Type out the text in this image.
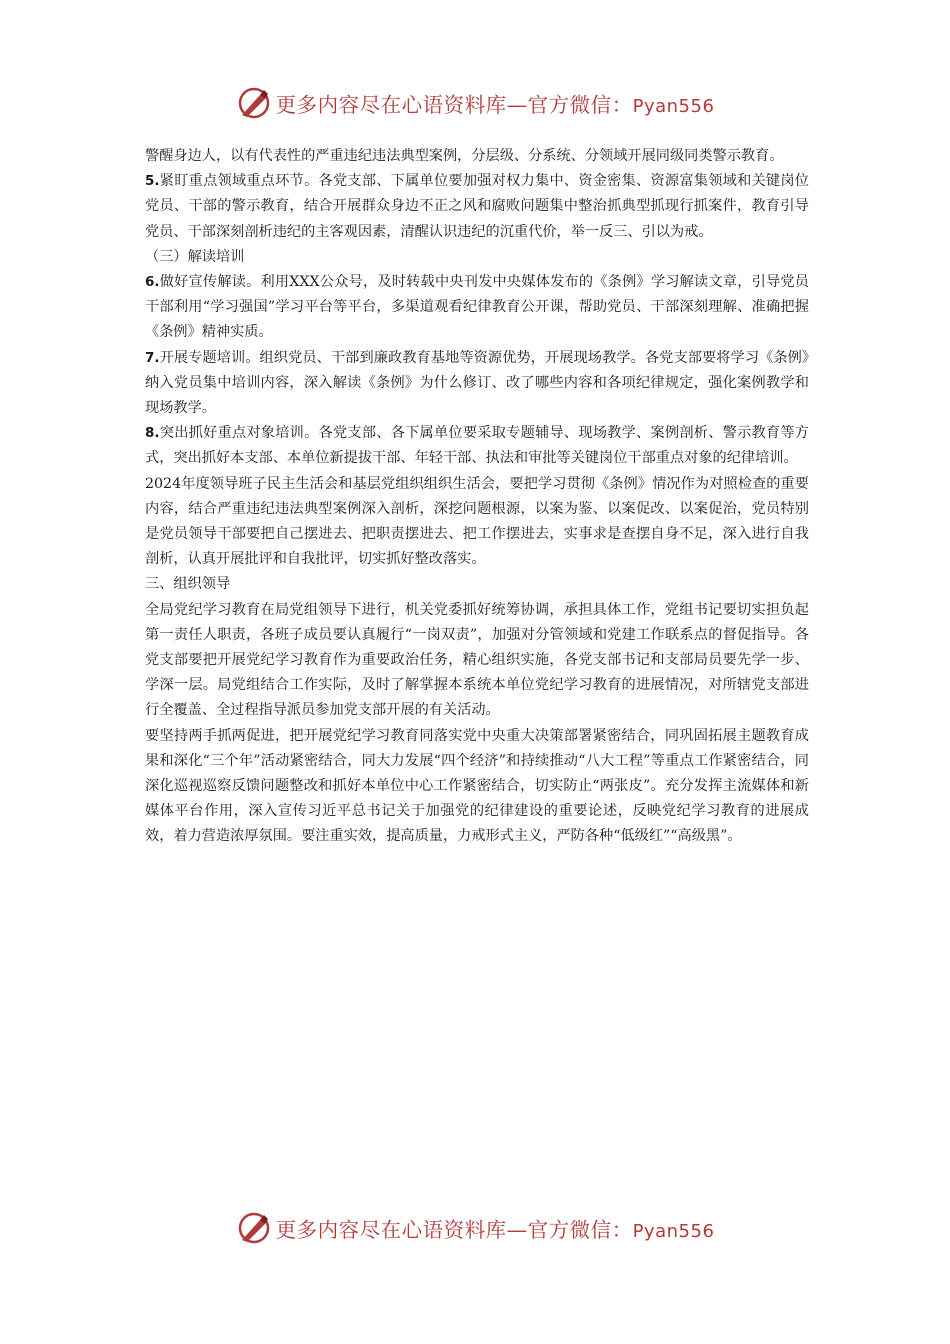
更多内容尽在心语资料库—官方微信：Pyan556

警醒身边人，以有代表性的严重违纪违法典型案例，分层级、分系统、分领域开展同级同类警示教育。

5.紧盯重点领域重点环节。各党支部、下属单位要加强对权力集中、资金密集、资源富集领域和关键岗位党员、干部的警示教育，结合开展群众身边不正之风和腐败问题集中整治抓典型抓现行抓案件，教育引导党员、干部深刻剖析违纪的主客观因素，清醒认识违纪的沉重代价，举一反三、引以为戒。

（三）解读培训

6.做好宣传解读。利用XXX公众号，及时转载中央刊发中央媒体发布的《条例》学习解读文章，引导党员干部利用“学习强国”学习平台等平台，多渠道观看纪律教育公开课，帮助党员、干部深刻理解、准确把握《条例》精神实质。

7.开展专题培训。组织党员、干部到廉政教育基地等资源优势，开展现场教学。各党支部要将学习《条例》纳入党员集中培训内容，深入解读《条例》为什么修订、改了哪些内容和各项纪律规定，强化案例教学和现场教学。

8.突出抓好重点对象培训。各党支部、各下属单位要采取专题辅导、现场教学、案例剖析、警示教育等方式，突出抓好本支部、本单位新提拔干部、年轻干部、执法和审批等关键岗位干部重点对象的纪律培训。

2024年度领导班子民主生活会和基层党组织组织生活会，要把学习贯彻《条例》情况作为对照检查的重要内容，结合严重违纪违法典型案例深入剖析，深挖问题根源，以案为鉴、以案促改、以案促治，党员特别是党员领导干部要把自己摆进去、把职责摆进去、把工作摆进去，实事求是查摆自身不足，深入进行自我剖析，认真开展批评和自我批评，切实抓好整改落实。

三、组织领导

全局党纪学习教育在局党组领导下进行，机关党委抓好统筹协调，承担具体工作，党组书记要切实担负起第一责任人职责，各班子成员要认真履行“一岗双责”，加强对分管领域和党建工作联系点的督促指导。各党支部要把开展党纪学习教育作为重要政治任务，精心组织实施，各党支部书记和支部局员要先学一步、学深一层。局党组结合工作实际，及时了解掌握本系统本单位党纪学习教育的进展情况，对所辖党支部进行全覆盖、全过程指导派员参加党支部开展的有关活动。

要坚持两手抓两促进，把开展党纪学习教育同落实党中央重大决策部署紧密结合，同巩固拓展主题教育成果和深化“三个年”活动紧密结合，同大力发展“四个经济”和持续推动“八大工程”等重点工作紧密结合，同深化巡视巡察反馈问题整改和抓好本单位中心工作紧密结合，切实防止“两张皮”。充分发挥主流媒体和新媒体平台作用，深入宣传习近平总书记关于加强党的纪律建设的重要论述，反映党纪学习教育的进展成效，着力营造浓厚氛围。要注重实效，提高质量，力戒形式主义，严防各种“低级红”“高级黑”。

更多内容尽在心语资料库—官方微信：Pyan556
